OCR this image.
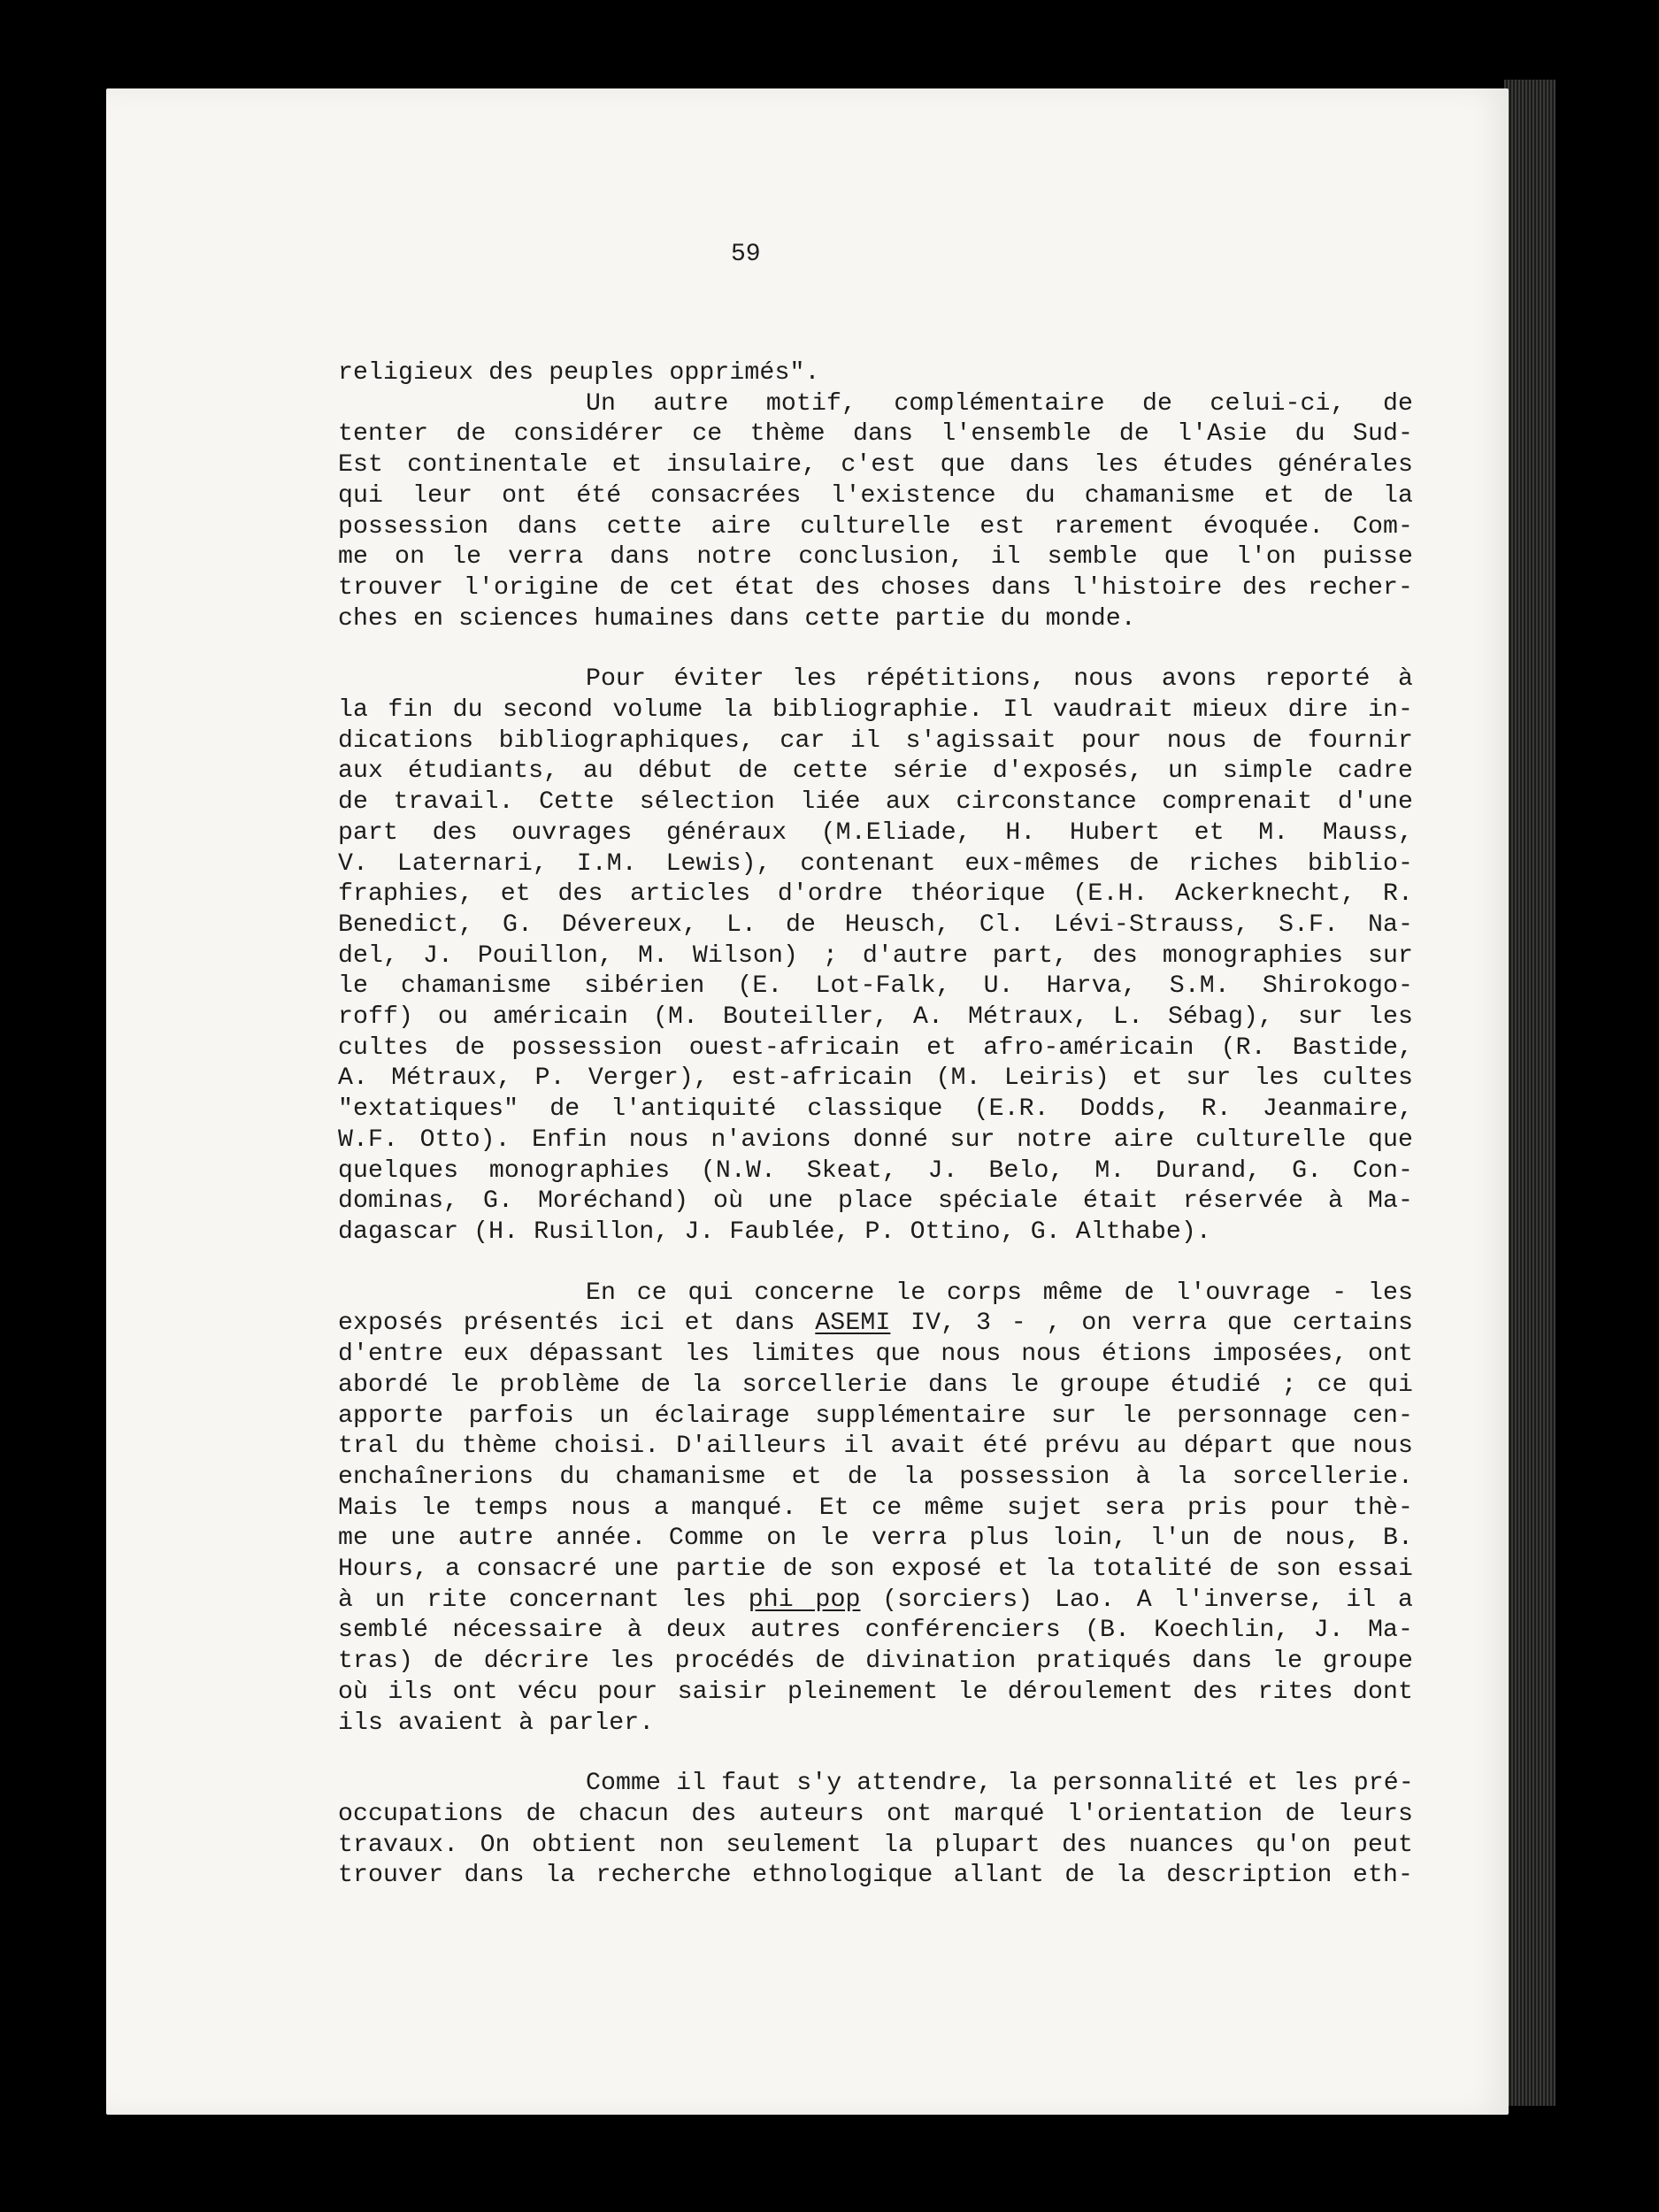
59
religieux des peuples opprimés".
Un autre motif, complémentaire de celui-ci, de
tenter de considérer ce thème dans l'ensemble de l'Asie du Sud-
Est continentale et insulaire, c'est que dans les études générales
qui leur ont été consacrées l'existence du chamanisme et de la
possession dans cette aire culturelle est rarement évoquée. Com-
me on le verra dans notre conclusion, il semble que l'on puisse
trouver l'origine de cet état des choses dans l'histoire des recher-
ches en sciences humaines dans cette partie du monde.
Pour éviter les répétitions, nous avons reporté à
la fin du second volume la bibliographie. Il vaudrait mieux dire in-
dications bibliographiques, car il s'agissait pour nous de fournir
aux étudiants, au début de cette série d'exposés, un simple cadre
de travail. Cette sélection liée aux circonstance comprenait d'une
part des ouvrages généraux (M.Eliade, H. Hubert et M. Mauss,
V. Laternari, I.M. Lewis), contenant eux-mêmes de riches biblio-
fraphies, et des articles d'ordre théorique (E.H. Ackerknecht, R.
Benedict, G. Dévereux, L. de Heusch, Cl. Lévi-Strauss, S.F. Na-
del, J. Pouillon, M. Wilson) ; d'autre part, des monographies sur
le chamanisme sibérien (E. Lot-Falk, U. Harva, S.M. Shirokogo-
roff) ou américain (M. Bouteiller, A. Métraux, L. Sébag), sur les
cultes de possession ouest-africain et afro-américain (R. Bastide,
A. Métraux, P. Verger), est-africain (M. Leiris) et sur les cultes
"extatiques" de l'antiquité classique (E.R. Dodds, R. Jeanmaire,
W.F. Otto). Enfin nous n'avions donné sur notre aire culturelle que
quelques monographies (N.W. Skeat, J. Belo, M. Durand, G. Con-
dominas, G. Moréchand) où une place spéciale était réservée à Ma-
dagascar (H. Rusillon, J. Faublée, P. Ottino, G. Althabe).
En ce qui concerne le corps même de l'ouvrage - les
exposés présentés ici et dans ASEMI IV, 3 - , on verra que certains
d'entre eux dépassant les limites que nous nous étions imposées, ont
abordé le problème de la sorcellerie dans le groupe étudié ; ce qui
apporte parfois un éclairage supplémentaire sur le personnage cen-
tral du thème choisi. D'ailleurs il avait été prévu au départ que nous
enchaînerions du chamanisme et de la possession à la sorcellerie.
Mais le temps nous a manqué. Et ce même sujet sera pris pour thè-
me une autre année. Comme on le verra plus loin, l'un de nous, B.
Hours, a consacré une partie de son exposé et la totalité de son essai
à un rite concernant les phi pop (sorciers) Lao. A l'inverse, il a
semblé nécessaire à deux autres conférenciers (B. Koechlin, J. Ma-
tras) de décrire les procédés de divination pratiqués dans le groupe
où ils ont vécu pour saisir pleinement le déroulement des rites dont
ils avaient à parler.
Comme il faut s'y attendre, la personnalité et les pré-
occupations de chacun des auteurs ont marqué l'orientation de leurs
travaux. On obtient non seulement la plupart des nuances qu'on peut
trouver dans la recherche ethnologique allant de la description eth-
